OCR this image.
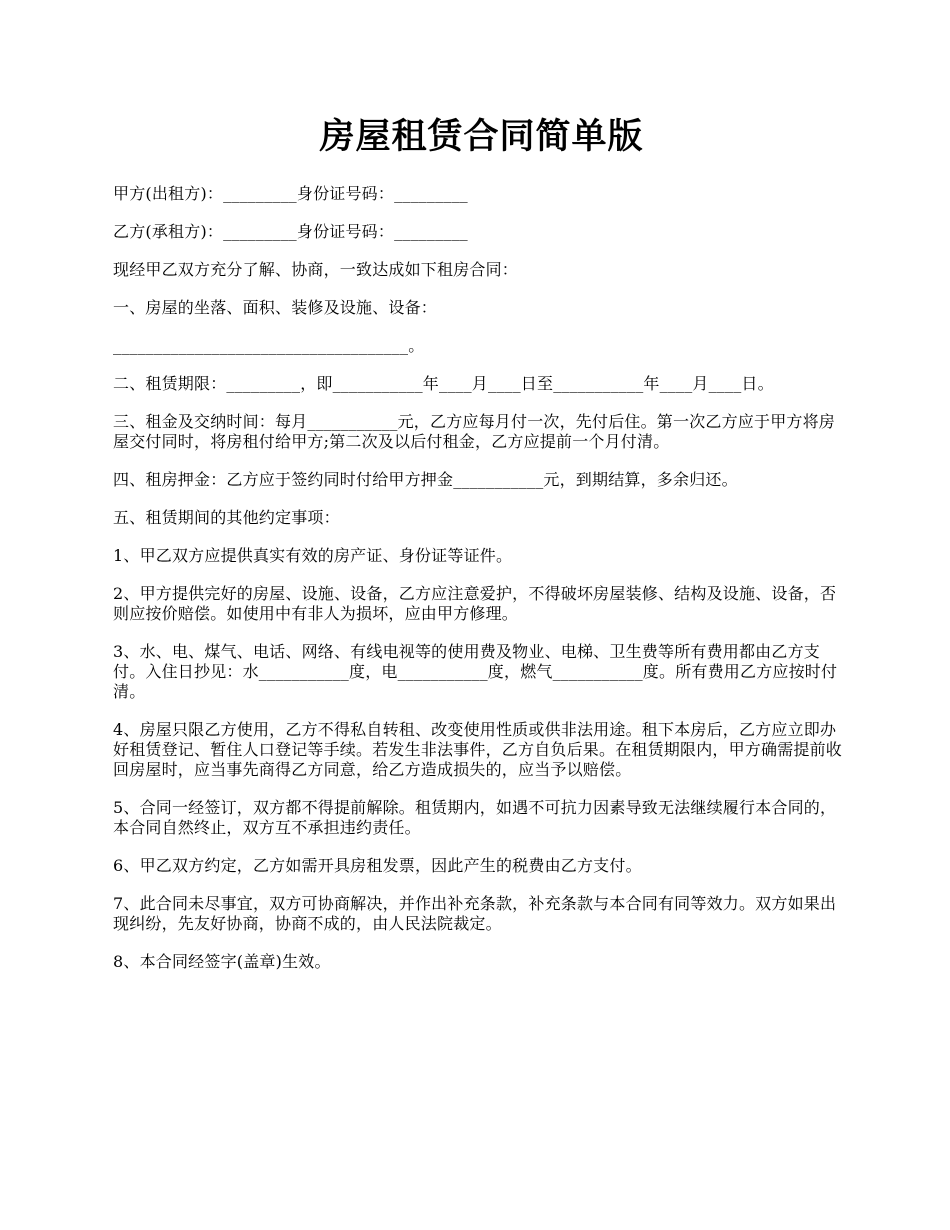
房屋租赁合同简单版

甲方(出租方)：_________身份证号码：_________

乙方(承租方)：_________身份证号码：_________

现经甲乙双方充分了解、协商，一致达成如下租房合同：

一、房屋的坐落、面积、装修及设施、设备：

____________________________________。

二、租赁期限：_________，即___________年____月____日至___________年____月____日。

三、租金及交纳时间：每月___________元，乙方应每月付一次，先付后住。第一次乙方应于甲方将房屋交付同时，将房租付给甲方;第二次及以后付租金，乙方应提前一个月付清。

四、租房押金：乙方应于签约同时付给甲方押金___________元，到期结算，多余归还。

五、租赁期间的其他约定事项：

1、甲乙双方应提供真实有效的房产证、身份证等证件。

2、甲方提供完好的房屋、设施、设备，乙方应注意爱护，不得破坏房屋装修、结构及设施、设备，否则应按价赔偿。如使用中有非人为损坏，应由甲方修理。

3、水、电、煤气、电话、网络、有线电视等的使用费及物业、电梯、卫生费等所有费用都由乙方支付。入住日抄见：水___________度，电___________度，燃气___________度。所有费用乙方应按时付清。

4、房屋只限乙方使用，乙方不得私自转租、改变使用性质或供非法用途。租下本房后，乙方应立即办好租赁登记、暂住人口登记等手续。若发生非法事件，乙方自负后果。在租赁期限内，甲方确需提前收回房屋时，应当事先商得乙方同意，给乙方造成损失的，应当予以赔偿。

5、合同一经签订，双方都不得提前解除。租赁期内，如遇不可抗力因素导致无法继续履行本合同的，本合同自然终止，双方互不承担违约责任。

6、甲乙双方约定，乙方如需开具房租发票，因此产生的税费由乙方支付。

7、此合同未尽事宜，双方可协商解决，并作出补充条款，补充条款与本合同有同等效力。双方如果出现纠纷，先友好协商，协商不成的，由人民法院裁定。

8、本合同经签字(盖章)生效。
